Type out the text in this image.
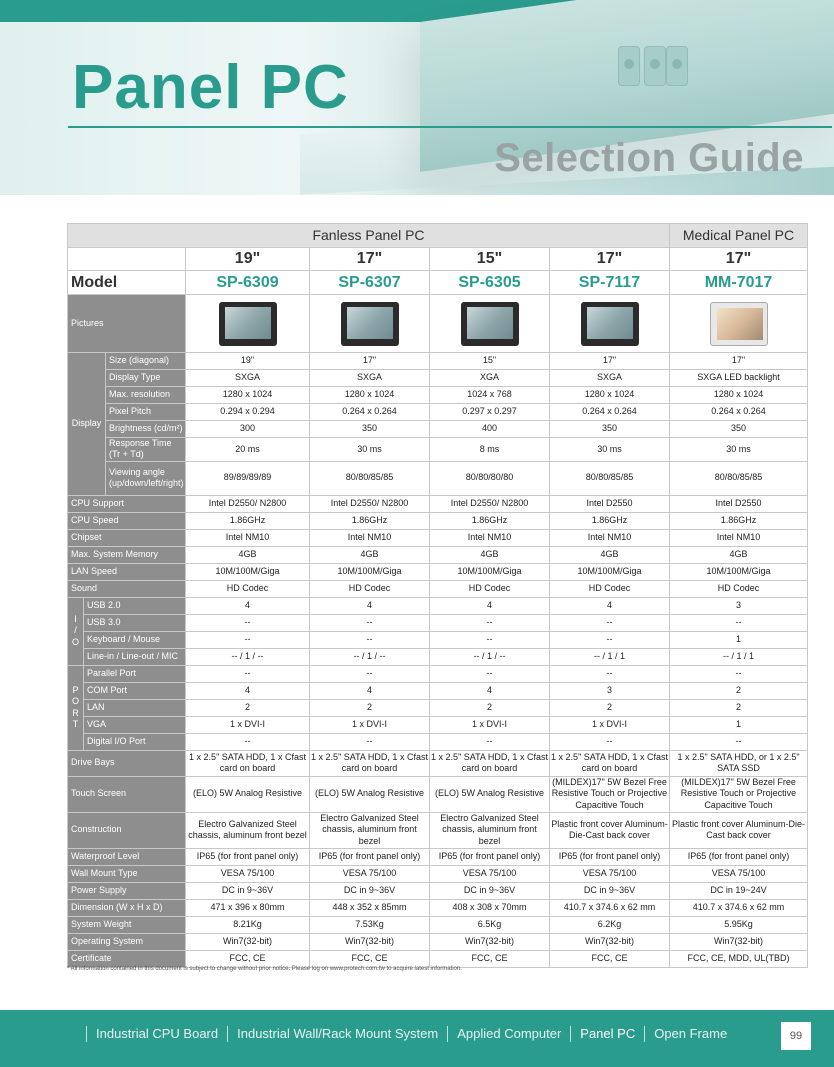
Panel PC
Selection Guide
Fanless Panel PC							Medical Panel PC
			19"	17"	15"	17"	17"
Model			SP-6309	SP-6307	SP-6305	SP-7117	MM-7017
Pictures			

Display		Size (diagonal)	19"	17"	15"	17"	17"
		Display Type	SXGA	SXGA	XGA	SXGA	SXGA LED backlight
		Max. resolution	1280 x 1024	1280 x 1024	1024 x 768	1280 x 1024	1280 x 1024
		Pixel Pitch	0.294 x 0.294	0.264 x 0.264	0.297 x 0.297	0.264 x 0.264	0.264 x 0.264
		Brightness (cd/m²)	300	350	400	350	350
		Response Time (Tr + Td)	20 ms	30 ms	8 ms	30 ms	30 ms
		Viewing angle (up/down/left/right)	89/89/89/89	80/80/85/85	80/80/80/80	80/80/85/85	80/80/85/85
CPU Support			Intel D2550/ N2800	Intel D2550/ N2800	Intel D2550/ N2800	Intel D2550	Intel D2550
CPU Speed			1.86GHz	1.86GHz	1.86GHz	1.86GHz	1.86GHz
Chipset			Intel NM10	Intel NM10	Intel NM10	Intel NM10	Intel NM10
Max. System Memory			4GB	4GB	4GB	4GB	4GB
LAN Speed			10M/100M/Giga	10M/100M/Giga	10M/100M/Giga	10M/100M/Giga	10M/100M/Giga
Sound			HD Codec	HD Codec	HD Codec	HD Codec	HD Codec

I
/
O	USB 2.0		4	4	4	4	3
	USB 3.0		--	--	--	--	--
	Keyboard / Mouse		--	--	--	--	1
	Line-in / Line-out / MIC		-- / 1 / --	-- / 1 / --	-- / 1 / --	-- / 1 / 1	-- / 1 / 1

P
O
R
T	Parallel Port		--	--	--	--	--
	COM Port		4	4	4	3	2
	LAN		2	2	2	2	2
	VGA		1 x DVI-I	1 x DVI-I	1 x DVI-I	1 x DVI-I	1
	Digital I/O Port		--	--	--	--	--
Drive Bays			1 x 2.5" SATA HDD, 1 x Cfast card on board	1 x 2.5" SATA HDD, 1 x Cfast card on board	1 x 2.5" SATA HDD, 1 x Cfast card on board	1 x 2.5" SATA HDD, 1 x Cfast card on board	1 x 2.5" SATA HDD, or 1 x 2.5" SATA SSD
Touch Screen			(ELO) 5W Analog Resistive	(ELO) 5W Analog Resistive	(ELO) 5W Analog Resistive	(MILDEX)17" 5W Bezel Free Resistive Touch or Projective Capacitive Touch	(MILDEX)17" 5W Bezel Free Resistive Touch or Projective Capacitive Touch
Construction			Electro Galvanized Steel chassis, aluminum front bezel	Electro Galvanized Steel chassis, aluminum front bezel	Electro Galvanized Steel chassis, aluminum front bezel	Plastic front cover Aluminum-Die-Cast back cover	Plastic front cover Aluminum-Die-Cast back cover
Waterproof Level			IP65 (for front panel only)	IP65 (for front panel only)	IP65 (for front panel only)	IP65 (for front panel only)	IP65 (for front panel only)
Wall Mount Type			VESA 75/100	VESA 75/100	VESA 75/100	VESA 75/100	VESA 75/100
Power Supply			DC in 9~36V	DC in 9~36V	DC in 9~36V	DC in 9~36V	DC in 19~24V
Dimension (W x H x D)			471 x 396 x 80mm	448 x 352 x 85mm	408 x 308 x 70mm	410.7 x 374.6 x 62 mm	410.7 x 374.6 x 62 mm
System Weight			8.21Kg	7.53Kg	6.5Kg	6.2Kg	5.95Kg
Operating System			Win7(32-bit)	Win7(32-bit)	Win7(32-bit)	Win7(32-bit)	Win7(32-bit)
Certificate			FCC, CE	FCC, CE	FCC, CE	FCC, CE	FCC, CE, MDD, UL(TBD)
* All information contained in this document is subject to change without prior notice. Please log on www.protech.com.tw to acquire latest information.
Industrial CPU Board	Industrial Wall/Rack Mount System	Applied Computer	Panel PC	Open Frame	99
